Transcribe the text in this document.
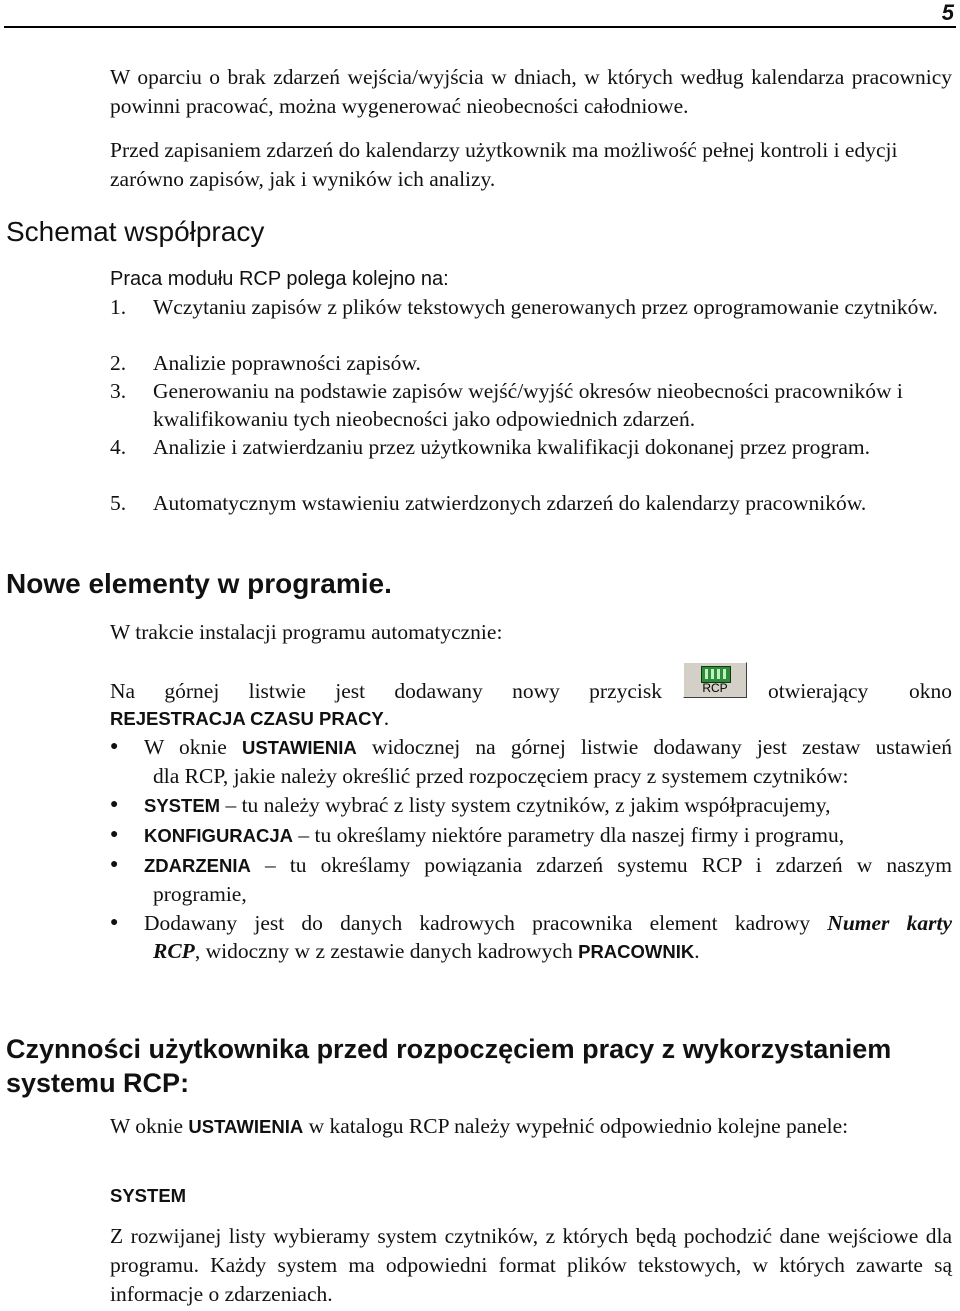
5
W oparciu o brak zdarzeń wejścia/wyjścia w dniach, w których według kalendarza pracownicy powinni pracować, można wygenerować nieobecności całodniowe.
Przed zapisaniem zdarzeń do kalendarzy użytkownik ma możliwość pełnej kontroli i edycji zarówno zapisów, jak i wyników ich analizy.
Schemat współpracy
Praca modułu RCP polega kolejno na:
1.	Wczytaniu zapisów z plików tekstowych generowanych przez oprogramowanie czytników.
2.	Analizie poprawności zapisów.
3.	Generowaniu na podstawie zapisów wejść/wyjść okresów nieobecności pracowników i kwalifikowaniu tych nieobecności jako odpowiednich zdarzeń.
4.	Analizie i zatwierdzaniu przez użytkownika kwalifikacji dokonanej przez program.
5.	Automatycznym wstawieniu zatwierdzonych zdarzeń do kalendarzy pracowników.
Nowe elementy w programie.
W trakcie instalacji programu automatycznie:
Na górnej listwie jest dodawany nowy przycisk	RCP	otwierający okno
REJESTRACJA CZASU PRACY.
●	W oknie USTAWIENIA widocznej na górnej listwie dodawany jest zestaw ustawień
dla RCP, jakie należy określić przed rozpoczęciem pracy z systemem czytników:
●	SYSTEM – tu należy wybrać z listy system czytników, z jakim współpracujemy,
●	KONFIGURACJA – tu określamy niektóre parametry dla naszej firmy i programu,
●	ZDARZENIA – tu określamy powiązania zdarzeń systemu RCP i zdarzeń w naszym
programie,
●	Dodawany jest do danych kadrowych pracownika element kadrowy Numer karty
RCP, widoczny w z zestawie danych kadrowych PRACOWNIK.
Czynności użytkownika przed rozpoczęciem pracy z wykorzystaniem systemu RCP:
W oknie USTAWIENIA w katalogu RCP należy wypełnić odpowiednio kolejne panele:
SYSTEM
Z rozwijanej listy wybieramy system czytników, z których będą pochodzić dane wejściowe dla programu. Każdy system ma odpowiedni format plików tekstowych, w których zawarte są informacje o zdarzeniach.
